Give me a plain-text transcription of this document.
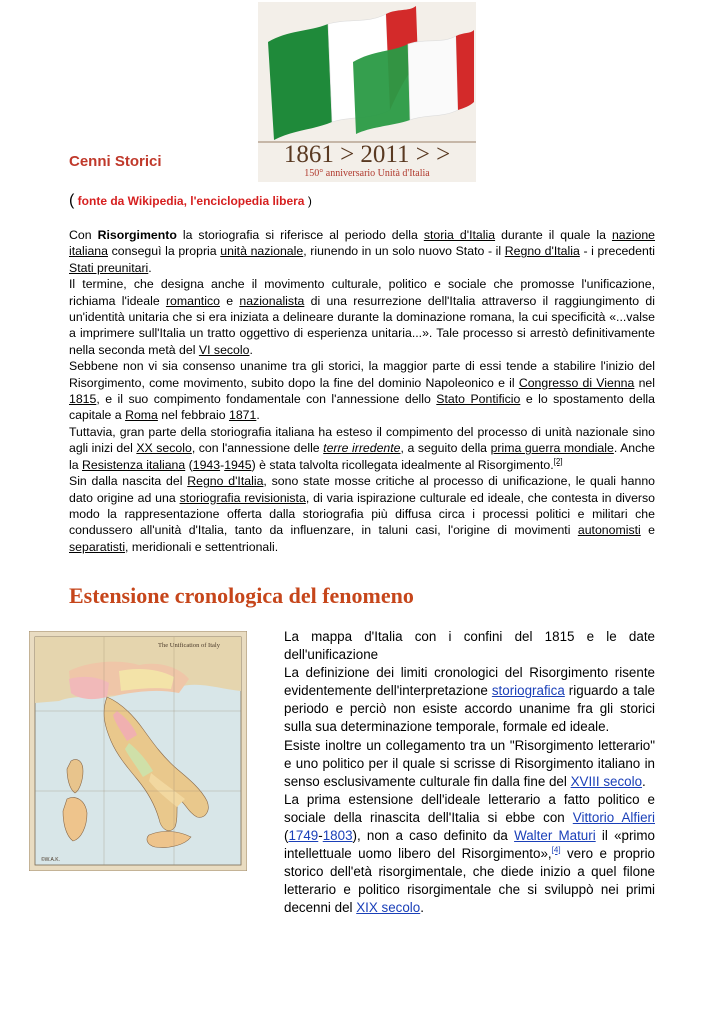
1861 > 2011 > >
150° anniversario Unità d'Italia
Cenni Storici
( fonte da Wikipedia, l'enciclopedia libera )

Con Risorgimento la storiografia si riferisce al periodo della storia d'Italia durante il quale la nazione italiana conseguì la propria unità nazionale, riunendo in un solo nuovo Stato - il Regno d'Italia - i precedenti Stati preunitari.

Il termine, che designa anche il movimento culturale, politico e sociale che promosse l'unificazione, richiama l'ideale romantico e nazionalista di una resurrezione dell'Italia attraverso il raggiungimento di un'identità unitaria che si era iniziata a delineare durante la dominazione romana, la cui specificità «...valse a imprimere sull'Italia un tratto oggettivo di esperienza unitaria...». Tale processo si arrestò definitivamente nella seconda metà del VI secolo.

Sebbene non vi sia consenso unanime tra gli storici, la maggior parte di essi tende a stabilire l'inizio del Risorgimento, come movimento, subito dopo la fine del dominio Napoleonico e il Congresso di Vienna nel 1815, e il suo compimento fondamentale con l'annessione dello Stato Pontificio e lo spostamento della capitale a Roma nel febbraio 1871.

Tuttavia, gran parte della storiografia italiana ha esteso il compimento del processo di unità nazionale sino agli inizi del XX secolo, con l'annessione delle terre irredente, a seguito della prima guerra mondiale. Anche la Resistenza italiana (1943-1945) è stata talvolta ricollegata idealmente al Risorgimento.[2]

Sin dalla nascita del Regno d'Italia, sono state mosse critiche al processo di unificazione, le quali hanno dato origine ad una storiografia revisionista, di varia ispirazione culturale ed ideale, che contesta in diverso modo la rappresentazione offerta dalla storiografia più diffusa circa i processi politici e militari che condussero all'unità d'Italia, tanto da influenzare, in taluni casi, l'origine di movimenti autonomisti e separatisti, meridionali e settentrionali.

Estensione cronologica del fenomeno
The Unification of Italy
©W.A.K.

La mappa d'Italia con i confini del 1815 e le date dell'unificazione

La definizione dei limiti cronologici del Risorgimento risente evidentemente dell'interpretazione storiografica riguardo a tale periodo e perciò non esiste accordo unanime fra gli storici sulla sua determinazione temporale, formale ed ideale.

Esiste inoltre un collegamento tra un "Risorgimento letterario" e uno politico per il quale si scrisse di Risorgimento italiano in senso esclusivamente culturale fin dalla fine del XVIII secolo.

La prima estensione dell'ideale letterario a fatto politico e sociale della rinascita dell'Italia si ebbe con Vittorio Alfieri (1749-1803), non a caso definito da Walter Maturi il «primo intellettuale uomo libero del Risorgimento»,[4] vero e proprio storico dell'età risorgimentale, che diede inizio a quel filone letterario e politico risorgimentale che si sviluppò nei primi decenni del XIX secolo.
